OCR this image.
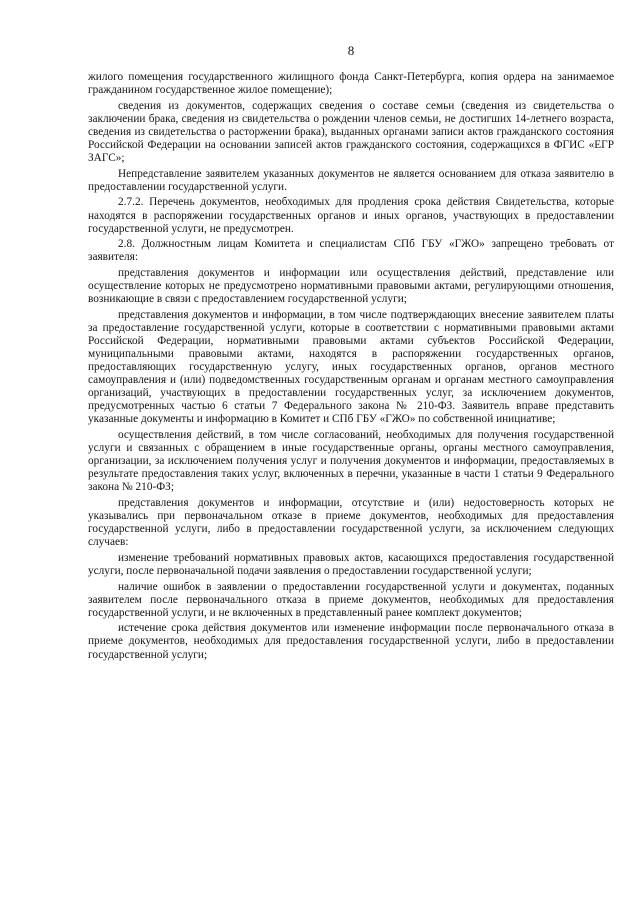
8

жилого помещения государственного жилищного фонда Санкт-Петербурга, копия ордера на занимаемое гражданином государственное жилое помещение);

сведения из документов, содержащих сведения о составе семьи (сведения из свидетельства о заключении брака, сведения из свидетельства о рождении членов семьи, не достигших 14-летнего возраста, сведения из свидетельства о расторжении брака), выданных органами записи актов гражданского состояния Российской Федерации на основании записей актов гражданского состояния, содержащихся в ФГИС «ЕГР ЗАГС»;

Непредставление заявителем указанных документов не является основанием для отказа заявителю в предоставлении государственной услуги.

2.7.2. Перечень документов, необходимых для продления срока действия Свидетельства, которые находятся в распоряжении государственных органов и иных органов, участвующих в предоставлении государственной услуги, не предусмотрен.

2.8. Должностным лицам Комитета и специалистам СПб ГБУ «ГЖО» запрещено требовать от заявителя:

представления документов и информации или осуществления действий, представление или осуществление которых не предусмотрено нормативными правовыми актами, регулирующими отношения, возникающие в связи с предоставлением государственной услуги;

представления документов и информации, в том числе подтверждающих внесение заявителем платы за предоставление государственной услуги, которые в соответствии с нормативными правовыми актами Российской Федерации, нормативными правовыми актами субъектов Российской Федерации, муниципальными правовыми актами, находятся в распоряжении государственных органов, предоставляющих государственную услугу, иных государственных органов, органов местного самоуправления и (или) подведомственных государственным органам и органам местного самоуправления организаций, участвующих в предоставлении государственных услуг, за исключением документов, предусмотренных частью 6 статьи 7 Федерального закона № 210-ФЗ. Заявитель вправе представить указанные документы и информацию в Комитет и СПб ГБУ «ГЖО» по собственной инициативе;

осуществления действий, в том числе согласований, необходимых для получения государственной услуги и связанных с обращением в иные государственные органы, органы местного самоуправления, организации, за исключением получения услуг и получения документов и информации, предоставляемых в результате предоставления таких услуг, включенных в перечни, указанные в части 1 статьи 9 Федерального закона № 210-ФЗ;

представления документов и информации, отсутствие и (или) недостоверность которых не указывались при первоначальном отказе в приеме документов, необходимых для предоставления государственной услуги, либо в предоставлении государственной услуги, за исключением следующих случаев:

изменение требований нормативных правовых актов, касающихся предоставления государственной услуги, после первоначальной подачи заявления о предоставлении государственной услуги;

наличие ошибок в заявлении о предоставлении государственной услуги и документах, поданных заявителем после первоначального отказа в приеме документов, необходимых для предоставления государственной услуги, и не включенных в представленный ранее комплект документов;

истечение срока действия документов или изменение информации после первоначального отказа в приеме документов, необходимых для предоставления государственной услуги, либо в предоставлении государственной услуги;
